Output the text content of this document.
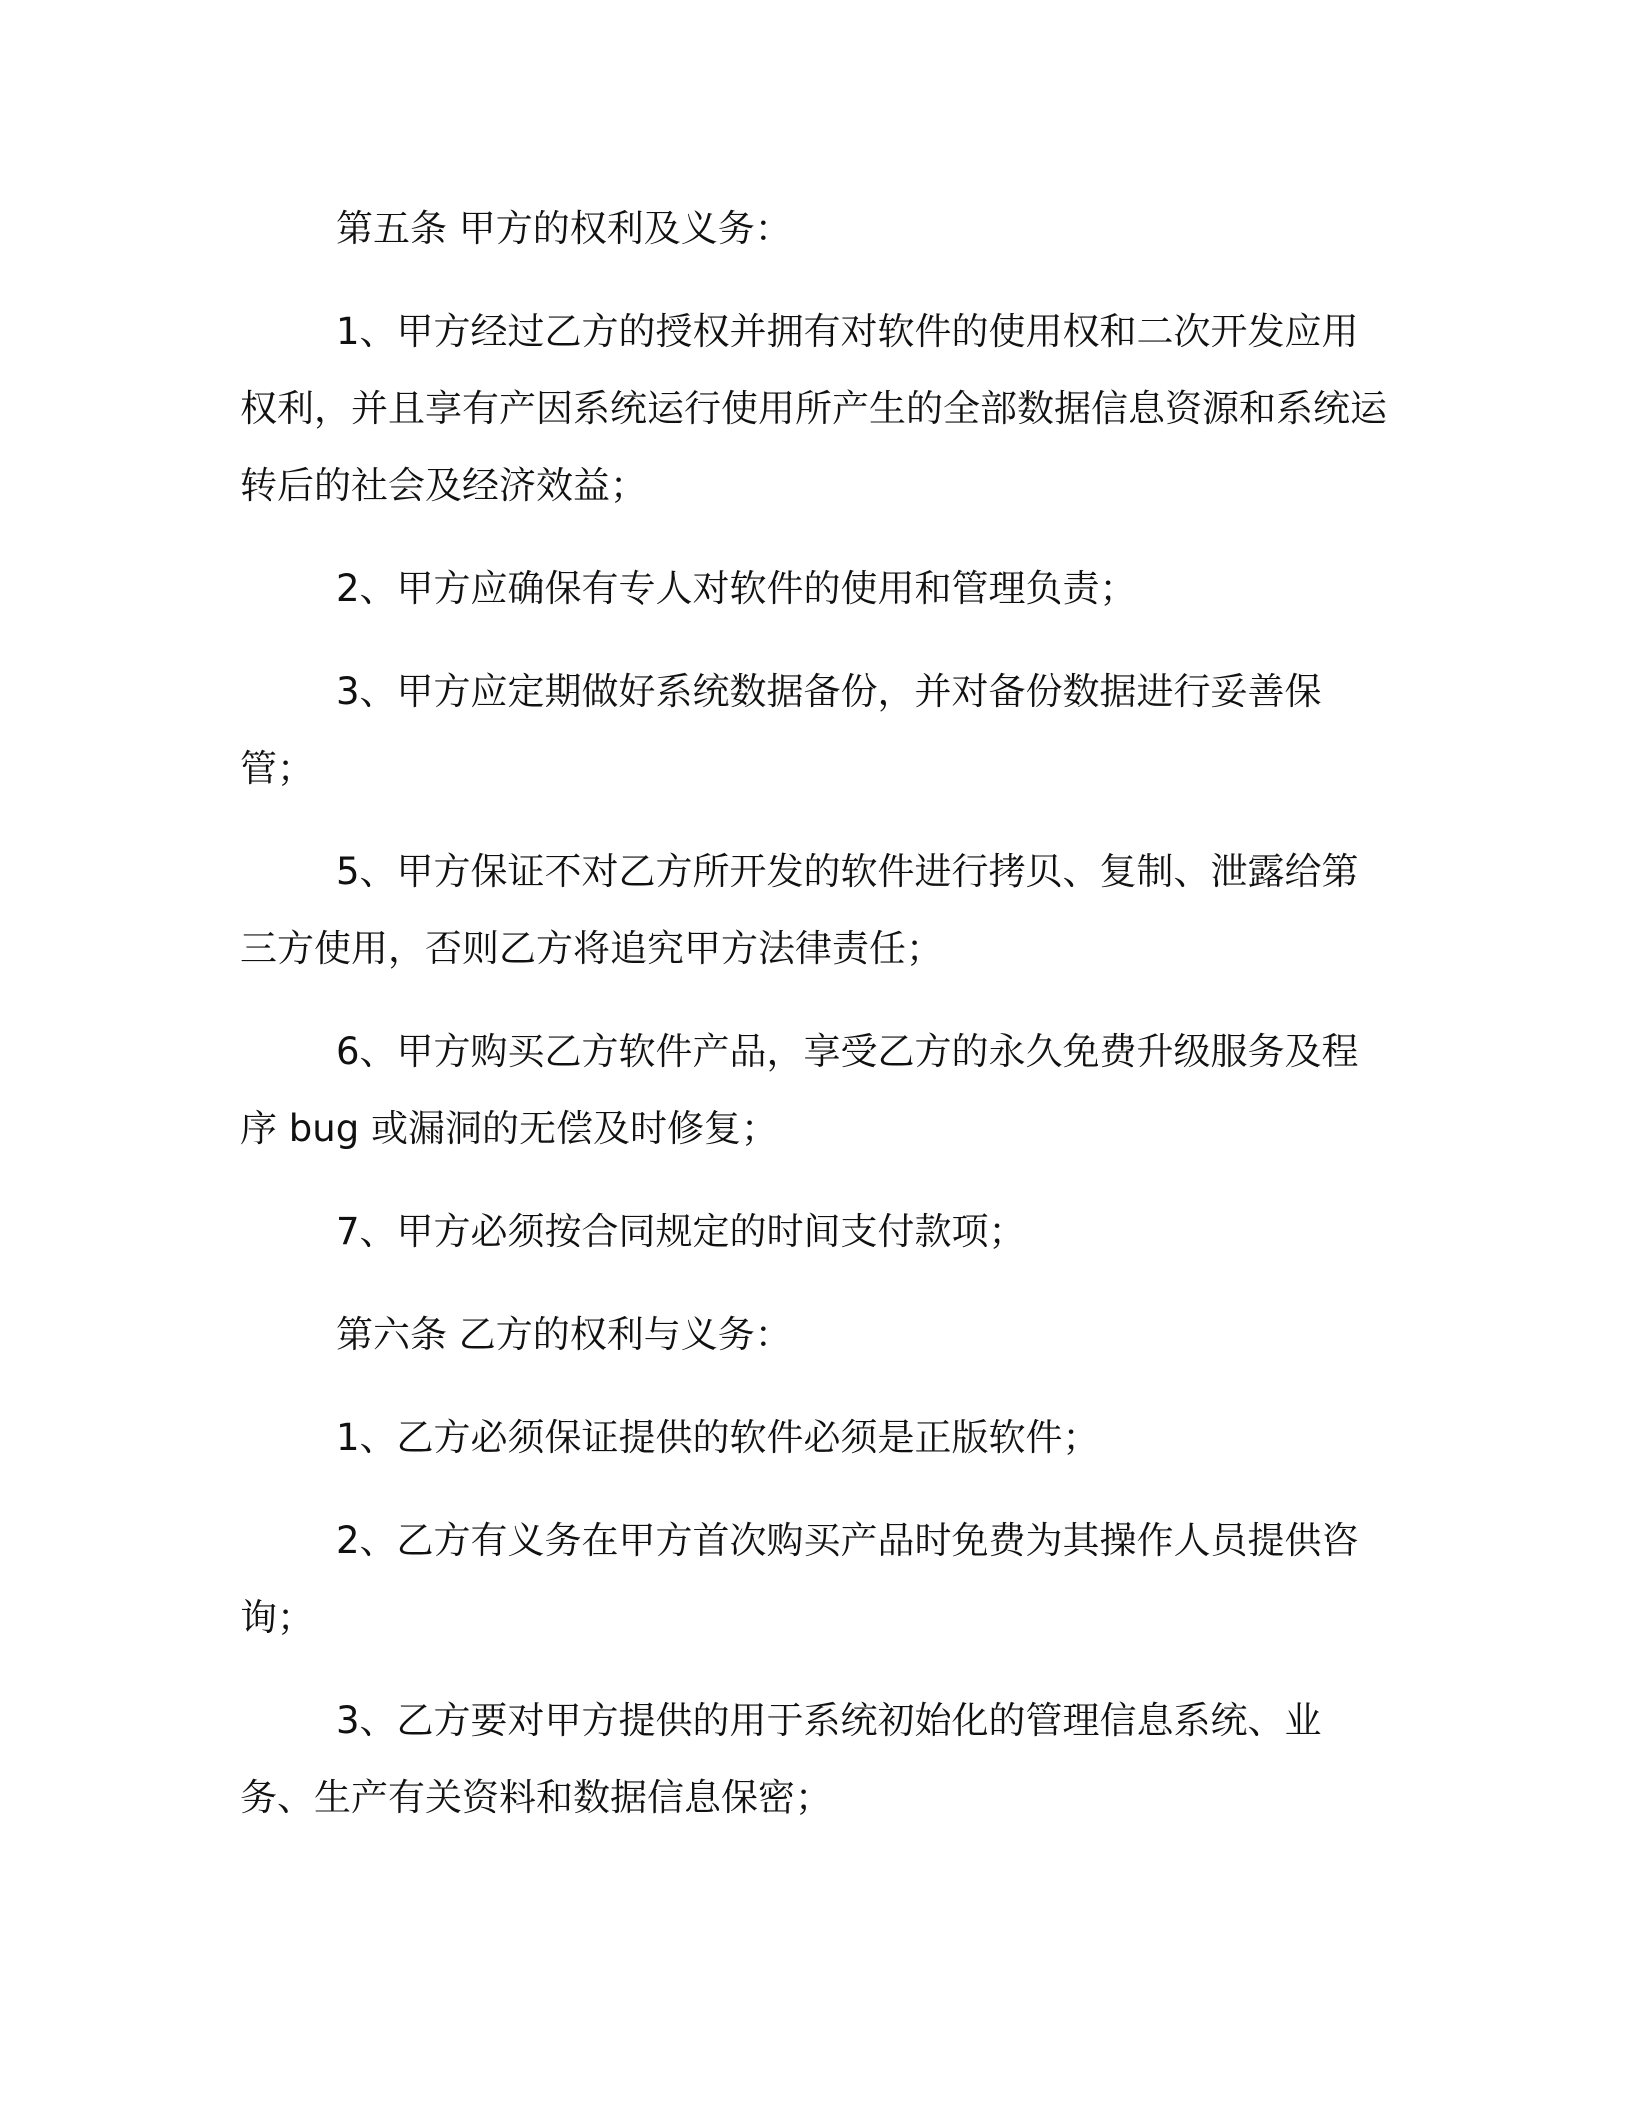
第五条 甲方的权利及义务：

1、甲方经过乙方的授权并拥有对软件的使用权和二次开发应用权利，并且享有产因系统运行使用所产生的全部数据信息资源和系统运转后的社会及经济效益；

2、甲方应确保有专人对软件的使用和管理负责；

3、甲方应定期做好系统数据备份，并对备份数据进行妥善保管；

5、甲方保证不对乙方所开发的软件进行拷贝、复制、泄露给第三方使用，否则乙方将追究甲方法律责任；

6、甲方购买乙方软件产品，享受乙方的永久免费升级服务及程序 bug 或漏洞的无偿及时修复；

7、甲方必须按合同规定的时间支付款项；

第六条 乙方的权利与义务：

1、乙方必须保证提供的软件必须是正版软件；

2、乙方有义务在甲方首次购买产品时免费为其操作人员提供咨询；

3、乙方要对甲方提供的用于系统初始化的管理信息系统、业务、生产有关资料和数据信息保密；
